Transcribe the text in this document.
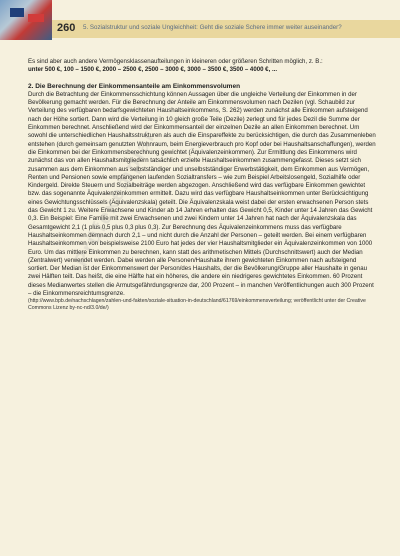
260 5. Sozialstruktur und soziale Ungleichheit: Geht die soziale Schere immer weiter auseinander?

Es sind aber auch andere Vermögensklassenaufteilungen in kleineren oder größeren Schritten möglich, z. B.:

unter 500 €, 100 – 1500 €, 2000 – 2500 €, 2500 – 3000 €, 3000 – 3500 €, 3500 – 4000 €, ...

2. Die Berechnung der Einkommensanteile am Einkommensvolumen

Durch die Betrachtung der Einkommensschichtung können Aussagen über die ungleiche Verteilung der Einkommen in der Bevölkerung gemacht werden. Für die Berechnung der Anteile am Einkommensvolumen nach Dezilen (vgl. Schaubild zur Verteilung des verfügbaren bedarfsgewichteten Haushaltseinkommens, S. 262) werden zunächst alle Einkommen aufsteigend nach der Höhe sortiert. Dann wird die Verteilung in 10 gleich große Teile (Dezile) zerlegt und für jedes Dezil die Summe der Einkommen berechnet. Anschließend wird der Einkommensanteil der einzelnen Dezile an allen Einkommen berechnet. Um sowohl die unterschiedlichen Haushaltsstrukturen als auch die Einspareffekte zu berücksichtigen, die durch das Zusammenleben entstehen (durch gemeinsam genutzten Wohnraum, beim Energieverbrauch pro Kopf oder bei Haushaltsanschaffungen), werden die Einkommen bei der Einkommensberechnung gewichtet (Äquivalenzeinkommen). Zur Ermittlung des Einkommens wird zunächst das von allen Haushaltsmitgliedern tatsächlich erzielte Haushaltseinkommen zusammengefasst. Dieses setzt sich zusammen aus dem Einkommen aus selbstständiger und unselbstständiger Erwerbstätigkeit, dem Einkommen aus Vermögen, Renten und Pensionen sowie empfangenen laufenden Sozialtransfers – wie zum Beispiel Arbeitslosengeld, Sozialhilfe oder Kindergeld. Direkte Steuern und Sozialbeiträge werden abgezogen. Anschließend wird das verfügbare Einkommen gewichtet bzw. das sogenannte Äquivalenzeinkommen ermittelt. Dazu wird das verfügbare Haushaltseinkommen unter Berücksichtigung eines Gewichtungsschlüssels (Äquivalenzskala) geteilt. Die Äquivalenzskala weist dabei der ersten erwachsenen Person stets das Gewicht 1 zu. Weitere Erwachsene und Kinder ab 14 Jahren erhalten das Gewicht 0,5, Kinder unter 14 Jahren das Gewicht 0,3. Ein Beispiel: Eine Familie mit zwei Erwachsenen und zwei Kindern unter 14 Jahren hat nach der Äquivalenzskala das Gesamtgewicht 2,1 (1 plus 0,5 plus 0,3 plus 0,3). Zur Berechnung des Äquivalenzeinkommens muss das verfügbare Haushaltseinkommen demnach durch 2,1 – und nicht durch die Anzahl der Personen – geteilt werden. Bei einem verfügbaren Haushaltseinkommen von beispielsweise 2100 Euro hat jedes der vier Haushaltsmitglieder ein Äquivalenzeinkommen von 1000 Euro. Um das mittlere Einkommen zu berechnen, kann statt des arithmetischen Mittels (Durchschnittswert) auch der Median (Zentralwert) verwendet werden. Dabei werden alle Personen/Haushalte ihrem gewichteten Einkommen nach aufsteigend sortiert. Der Median ist der Einkommenswert der Person/des Haushalts, der die Bevölkerung/Gruppe aller Haushalte in genau zwei Hälften teilt. Das heißt, die eine Hälfte hat ein höheres, die andere ein niedrigeres gewichtetes Einkommen. 60 Prozent dieses Medianwertes stellen die Armutsgefährdungsgrenze dar, 200 Prozent – in manchen Veröffentlichungen auch 300 Prozent – die Einkommensreichtumsgrenze.

(http://www.bpb.de/nachschlagen/zahlen-und-fakten/soziale-situation-in-deutschland/61769/einkommensverteilung; veröffentlicht unter der Creative Commons Lizenz by-nc-nd/3.0/de/)

Prüfexemplar
